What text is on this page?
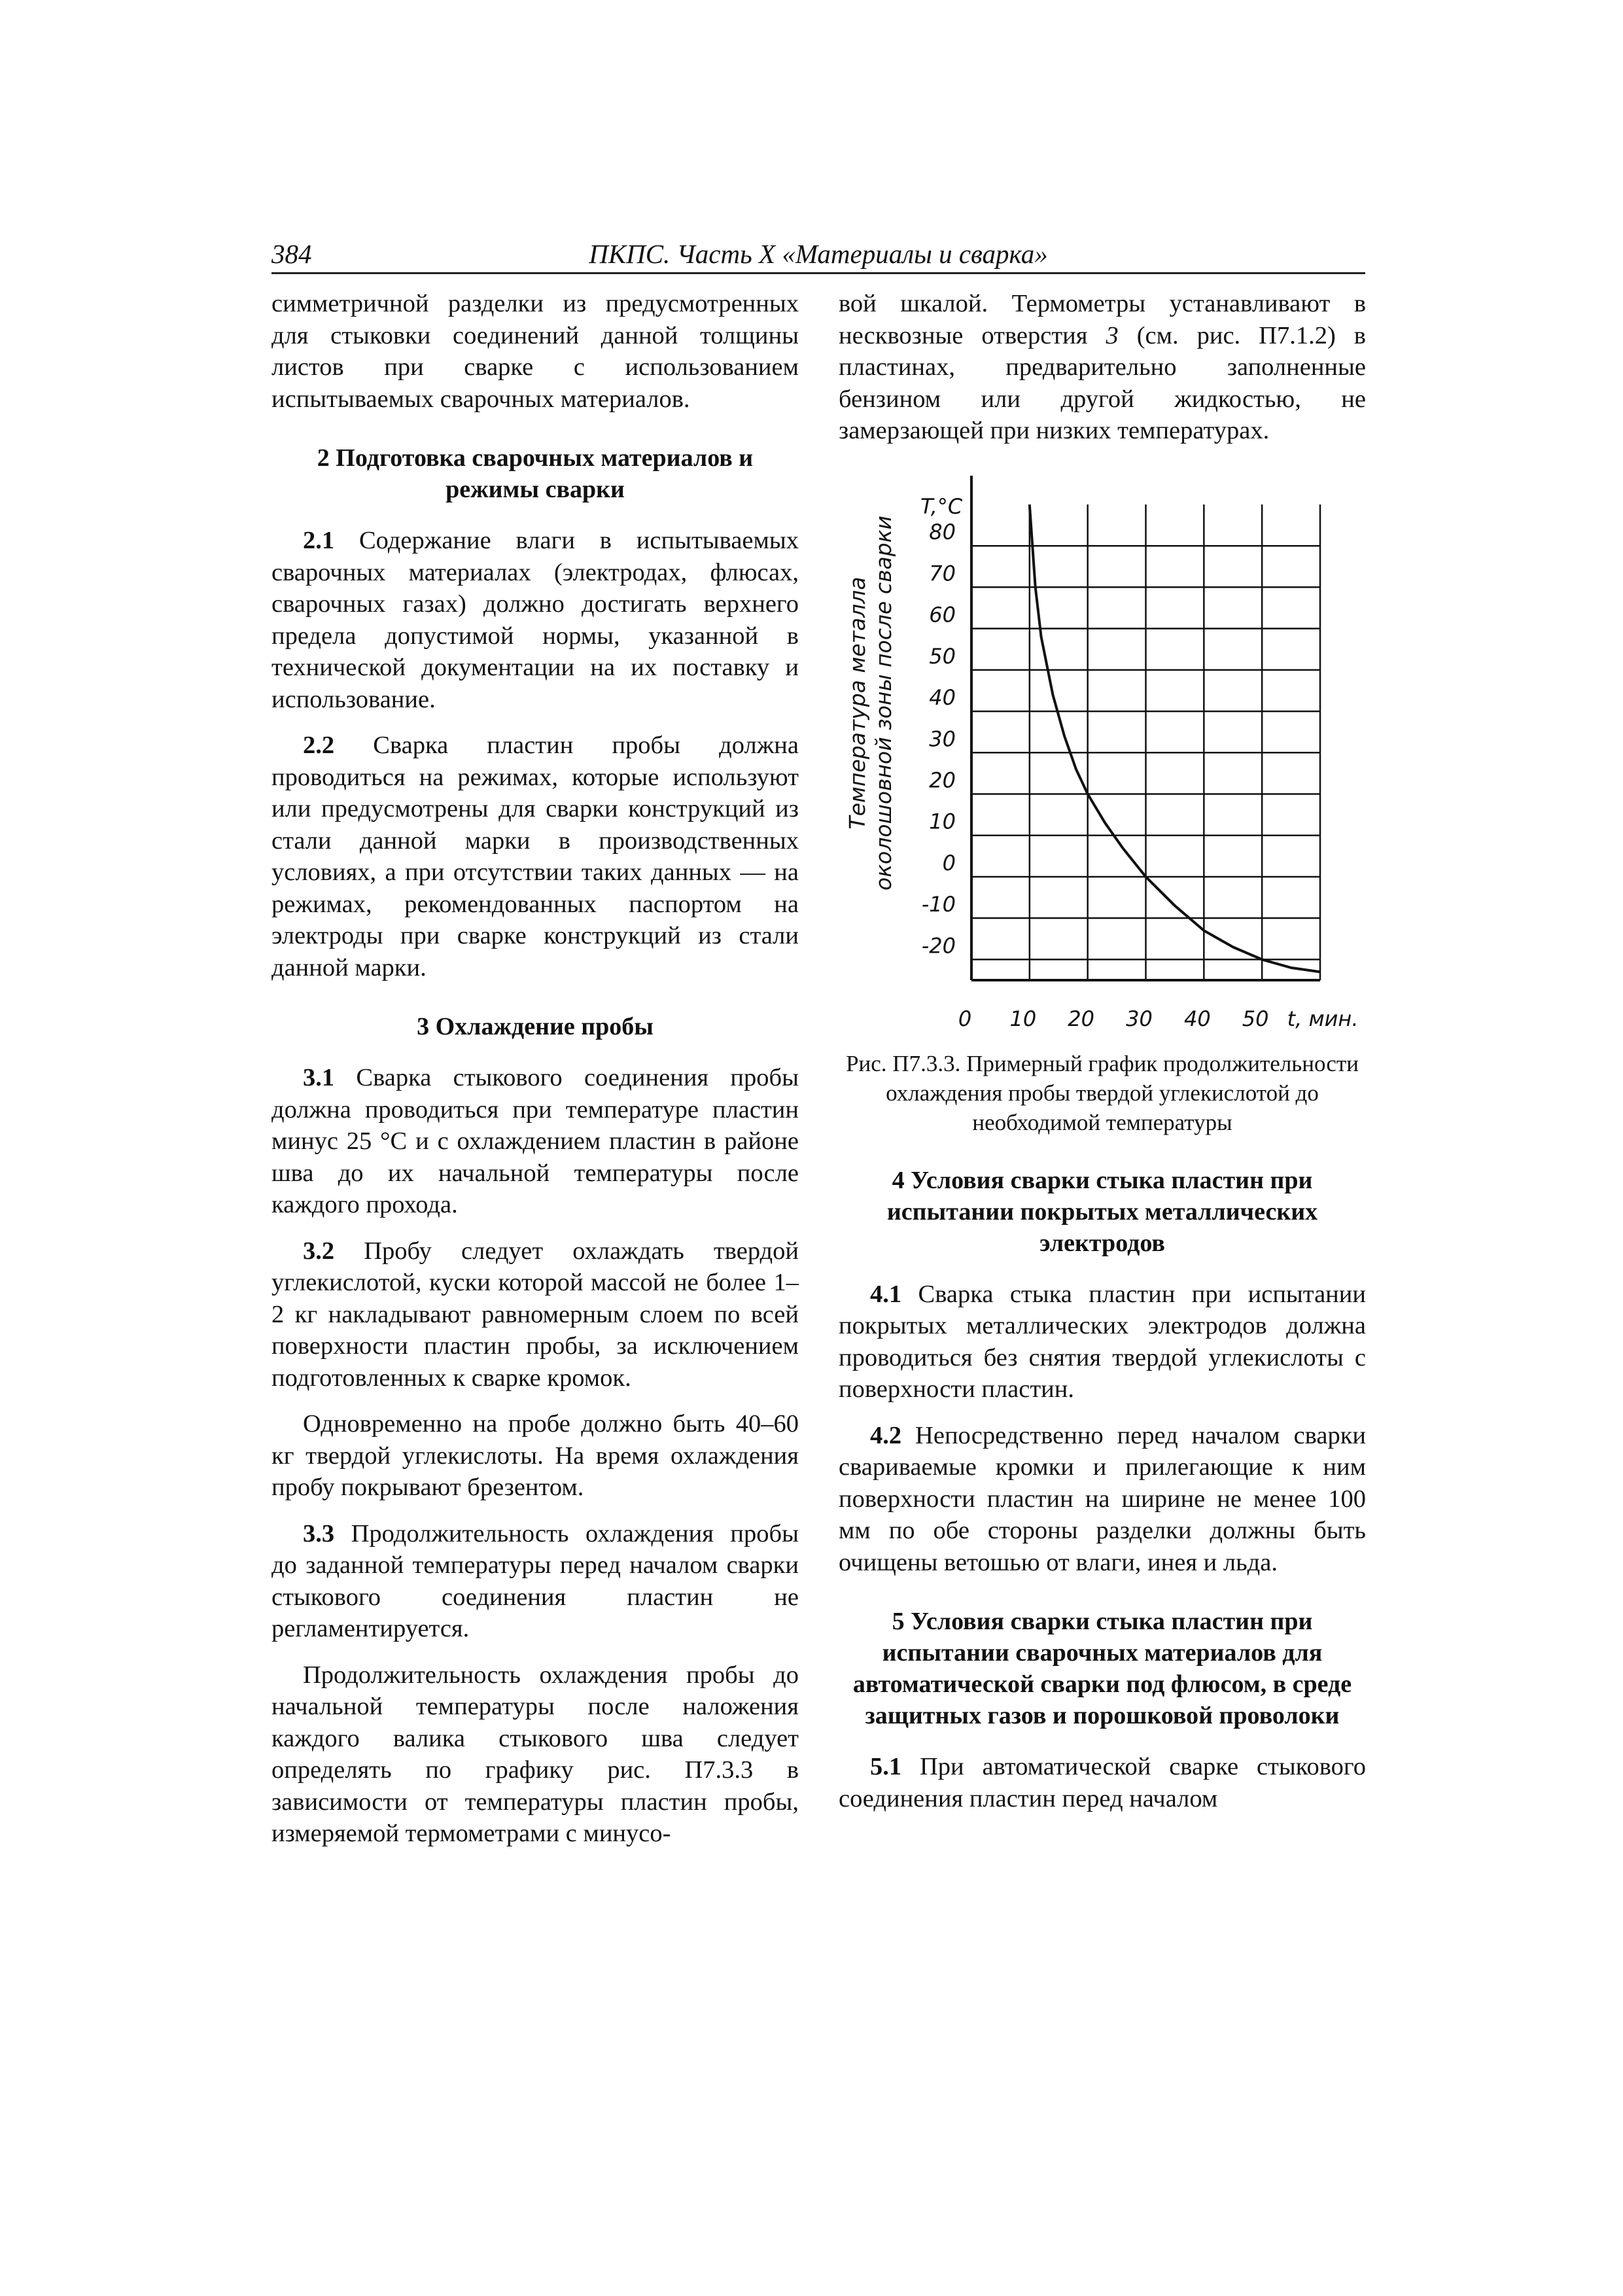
384	ПКПС. Часть X «Материалы и сварка»

симметричной разделки из предусмотренных для стыковки соединений данной толщины листов при сварке с использованием испытываемых сварочных материалов.

2 Подготовка сварочных материалов и режимы сварки

2.1 Содержание влаги в испытываемых сварочных материалах (электродах, флюсах, сварочных газах) должно достигать верхнего предела допустимой нормы, указанной в технической документации на их поставку и использование.

2.2 Сварка пластин пробы должна проводиться на режимах, которые используют или предусмотрены для сварки конструкций из стали данной марки в производственных условиях, а при отсутствии таких данных — на режимах, рекомендованных паспортом на электроды при сварке конструкций из стали данной марки.

3 Охлаждение пробы

3.1 Сварка стыкового соединения пробы должна проводиться при температуре пластин минус 25 °С и с охлаждением пластин в районе шва до их начальной температуры после каждого прохода.

3.2 Пробу следует охлаждать твердой углекислотой, куски которой массой не более 1–2 кг накладывают равномерным слоем по всей поверхности пластин пробы, за исключением подготовленных к сварке кромок.

Одновременно на пробе должно быть 40–60 кг твердой углекислоты. На время охлаждения пробу покрывают брезентом.

3.3 Продолжительность охлаждения пробы до заданной температуры перед началом сварки стыкового соединения пластин не регламентируется.

Продолжительность охлаждения пробы до начальной температуры после наложения каждого валика стыкового шва следует определять по графику рис. П7.3.3 в зависимости от температуры пластин пробы, измеряемой термометрами с минусо-

вой шкалой. Термометры устанавливают в несквозные отверстия 3 (см. рис. П7.1.2) в пластинах, предварительно заполненные бензином или другой жидкостью, не замерзающей при низких температурах.

80
70
60
50
40
30
20
10
0
-10
-20
0 10 20 30 40 50
T,°C
t, мин.
Температура металла околошовной зоны после сварки

Рис. П7.3.3. Примерный график продолжительности охлаждения пробы твердой углекислотой до необходимой температуры

4 Условия сварки стыка пластин при испытании покрытых металлических электродов

4.1 Сварка стыка пластин при испытании покрытых металлических электродов должна проводиться без снятия твердой углекислоты с поверхности пластин.

4.2 Непосредственно перед началом сварки свариваемые кромки и прилегающие к ним поверхности пластин на ширине не менее 100 мм по обе стороны разделки должны быть очищены ветошью от влаги, инея и льда.

5 Условия сварки стыка пластин при испытании сварочных материалов для автоматической сварки под флюсом, в среде защитных газов и порошковой проволоки

5.1 При автоматической сварке стыкового соединения пластин перед началом
